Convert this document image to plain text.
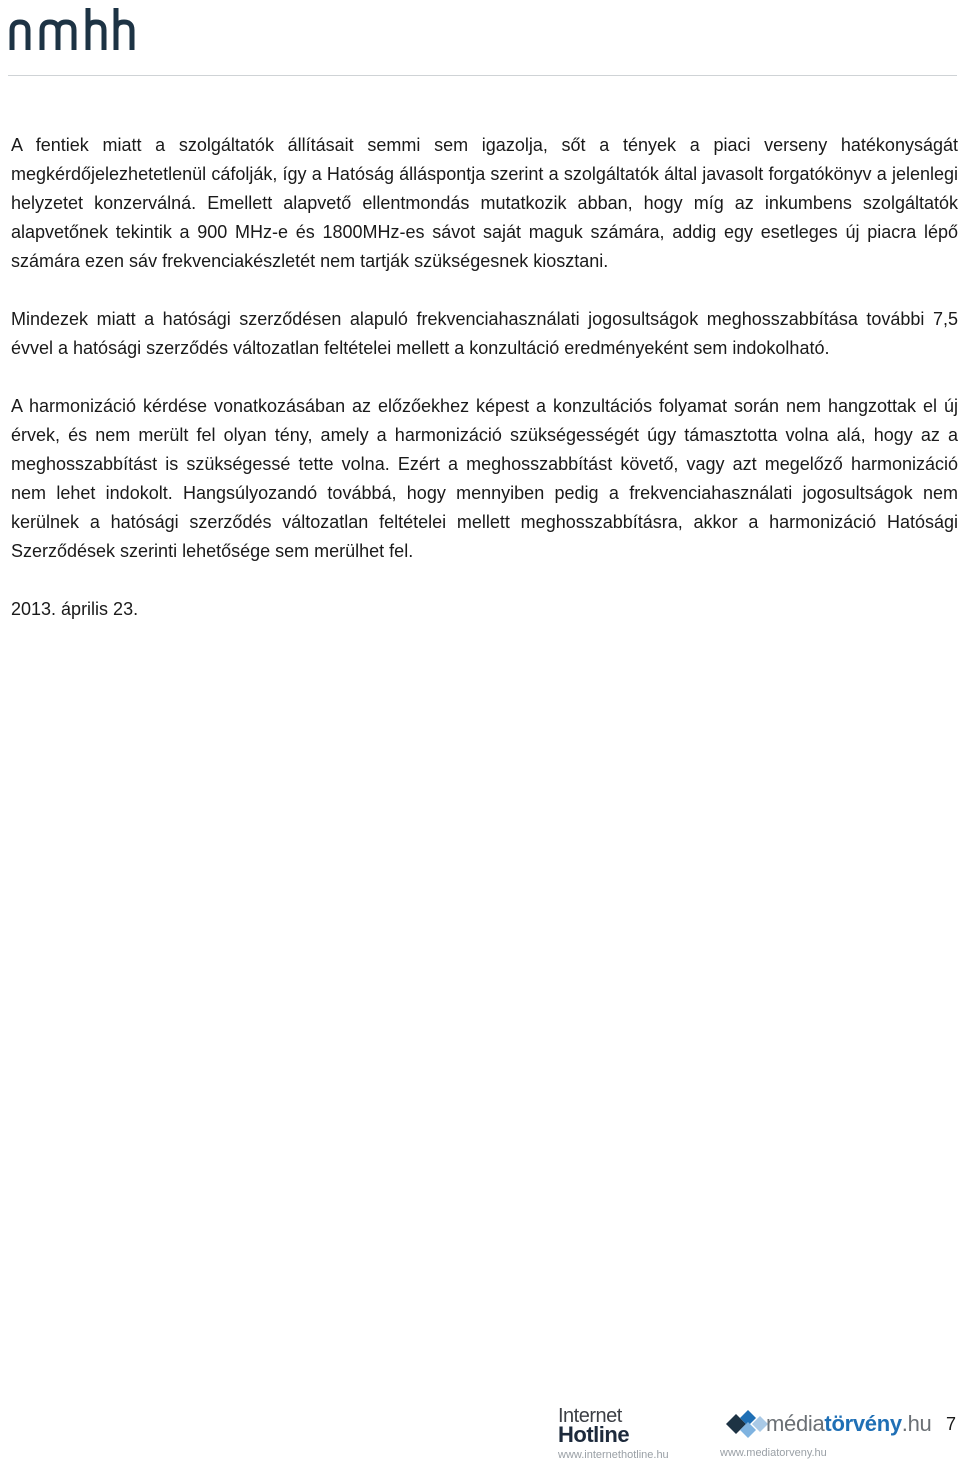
A fentiek miatt a szolgáltatók állításait semmi sem igazolja, sőt a tények a piaci verseny hatékonyságát megkérdőjelezhetetlenül cáfolják, így a Hatóság álláspontja szerint a szolgáltatók által javasolt forgatókönyv a jelenlegi helyzetet konzerválná. Emellett alapvető ellentmondás mutatkozik abban, hogy míg az inkumbens szolgáltatók alapvetőnek tekintik a 900 MHz-e és 1800MHz-es sávot saját maguk számára, addig egy esetleges új piacra lépő számára ezen sáv frekvenciakészletét nem tartják szükségesnek kiosztani.

Mindezek miatt a hatósági szerződésen alapuló frekvenciahasználati jogosultságok meghosszabbítása további 7,5 évvel a hatósági szerződés változatlan feltételei mellett a konzultáció eredményeként sem indokolható.

A harmonizáció kérdése vonatkozásában az előzőekhez képest a konzultációs folyamat során nem hangzottak el új érvek, és nem merült fel olyan tény, amely a harmonizáció szükségességét úgy támasztotta volna alá, hogy az a meghosszabbítást is szükségessé tette volna. Ezért a meghosszabbítást követő, vagy azt megelőző harmonizáció nem lehet indokolt. Hangsúlyozandó továbbá, hogy mennyiben pedig a frekvenciahasználati jogosultságok nem kerülnek a hatósági szerződés változatlan feltételei mellett meghosszabbításra, akkor a harmonizáció Hatósági Szerződések szerinti lehetősége sem merülhet fel.

2013. április 23.

Internet
Hotline
www.internethotline.hu
médiatörvény.hu
www.mediatorveny.hu
7
